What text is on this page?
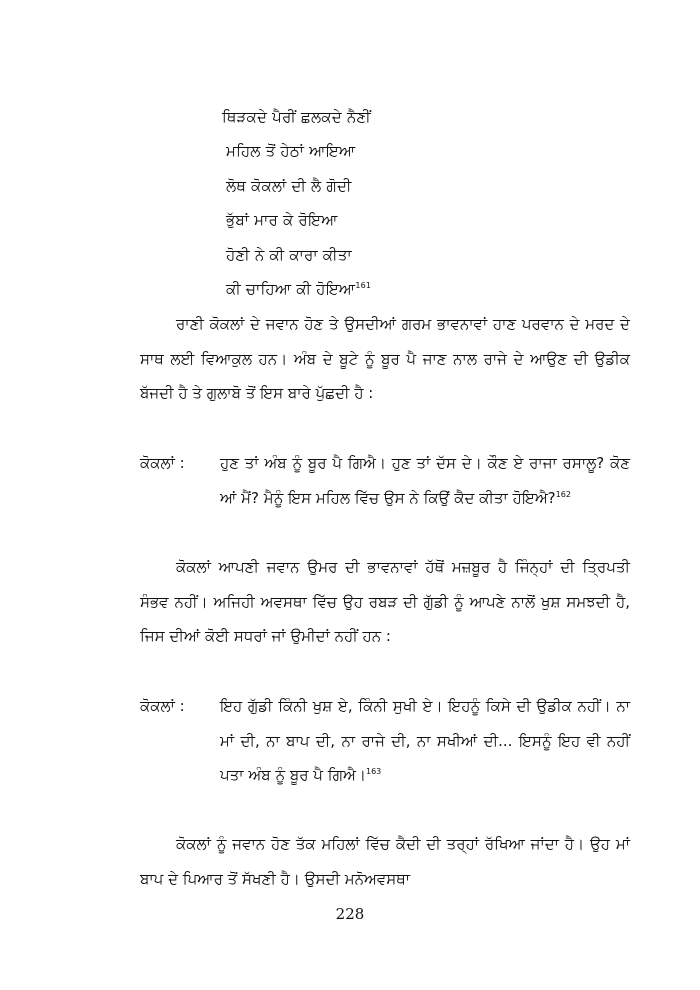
ਥਿੜਕਦੇ ਪੈਰੀਂ ਛਲਕਦੇ ਨੈਣੀਂ
ਮਹਿਲ ਤੋਂ ਹੇਠਾਂ ਆਇਆ
ਲੋਥ ਕੋਕਲਾਂ ਦੀ ਲੈ ਗੋਦੀ
ਭੁੱਬਾਂ ਮਾਰ ਕੇ ਰੋਇਆ
ਹੋਣੀ ਨੇ ਕੀ ਕਾਰਾ ਕੀਤਾ
ਕੀ ਚਾਹਿਆ ਕੀ ਹੋਇਆ$^{161}$

ਰਾਣੀ ਕੋਕਲਾਂ ਦੇ ਜਵਾਨ ਹੋਣ ਤੇ ਉਸਦੀਆਂ ਗਰਮ ਭਾਵਨਾਵਾਂ ਹਾਣ ਪਰਵਾਨ ਦੇ ਮਰਦ ਦੇ ਸਾਥ ਲਈ ਵਿਆਕੁਲ ਹਨ। ਅੰਬ ਦੇ ਬੂਟੇ ਨੂੰ ਬੂਰ ਪੈ ਜਾਣ ਨਾਲ ਰਾਜੇ ਦੇ ਆਉਣ ਦੀ ਉਡੀਕ ਬੱਜਦੀ ਹੈ ਤੇ ਗੁਲਾਬੋ ਤੋਂ ਇਸ ਬਾਰੇ ਪੁੱਛਦੀ ਹੈ :

ਕੋਕਲਾਂ : ਹੁਣ ਤਾਂ ਅੰਬ ਨੂੰ ਬੂਰ ਪੈ ਗਿਐ। ਹੁਣ ਤਾਂ ਦੱਸ ਦੇ। ਕੌਣ ਏ ਰਾਜਾ ਰਸਾਲੂ? ਕੋਣ ਆਂ ਮੈਂ? ਮੈਨੂੰ ਇਸ ਮਹਿਲ ਵਿੱਚ ਉਸ ਨੇ ਕਿਉਂ ਕੈਦ ਕੀਤਾ ਹੋਇਐ?$^{162}$

ਕੋਕਲਾਂ ਆਪਣੀ ਜਵਾਨ ਉਮਰ ਦੀ ਭਾਵਨਾਵਾਂ ਹੱਥੋਂ ਮਜ਼ਬੂਰ ਹੈ ਜਿੰਨ੍ਹਾਂ ਦੀ ਤ੍ਰਿਪਤੀ ਸੰਭਵ ਨਹੀਂ। ਅਜਿਹੀ ਅਵਸਥਾ ਵਿੱਚ ਉਹ ਰਬੜ ਦੀ ਗੁੱਡੀ ਨੂੰ ਆਪਣੇ ਨਾਲੋਂ ਖੁਸ਼ ਸਮਝਦੀ ਹੈ, ਜਿਸ ਦੀਆਂ ਕੋਈ ਸਧਰਾਂ ਜਾਂ ਉਮੀਦਾਂ ਨਹੀਂ ਹਨ :

ਕੋਕਲਾਂ : ਇਹ ਗੁੱਡੀ ਕਿੰਨੀ ਖੁਸ਼ ਏ, ਕਿੰਨੀ ਸੁਖੀ ਏ। ਇਹਨੂੰ ਕਿਸੇ ਦੀ ਉਡੀਕ ਨਹੀਂ। ਨਾ ਮਾਂ ਦੀ, ਨਾ ਬਾਪ ਦੀ, ਨਾ ਰਾਜੇ ਦੀ, ਨਾ ਸਖੀਆਂ ਦੀ... ਇਸਨੂੰ ਇਹ ਵੀ ਨਹੀਂ ਪਤਾ ਅੰਬ ਨੂੰ ਬੂਰ ਪੈ ਗਿਐ।$^{163}$

ਕੋਕਲਾਂ ਨੂੰ ਜਵਾਨ ਹੋਣ ਤੱਕ ਮਹਿਲਾਂ ਵਿੱਚ ਕੈਦੀ ਦੀ ਤਰ੍ਹਾਂ ਰੱਖਿਆ ਜਾਂਦਾ ਹੈ। ਉਹ ਮਾਂ ਬਾਪ ਦੇ ਪਿਆਰ ਤੋਂ ਸੱਖਣੀ ਹੈ। ਉਸਦੀ ਮਨੋਅਵਸਥਾ

228
